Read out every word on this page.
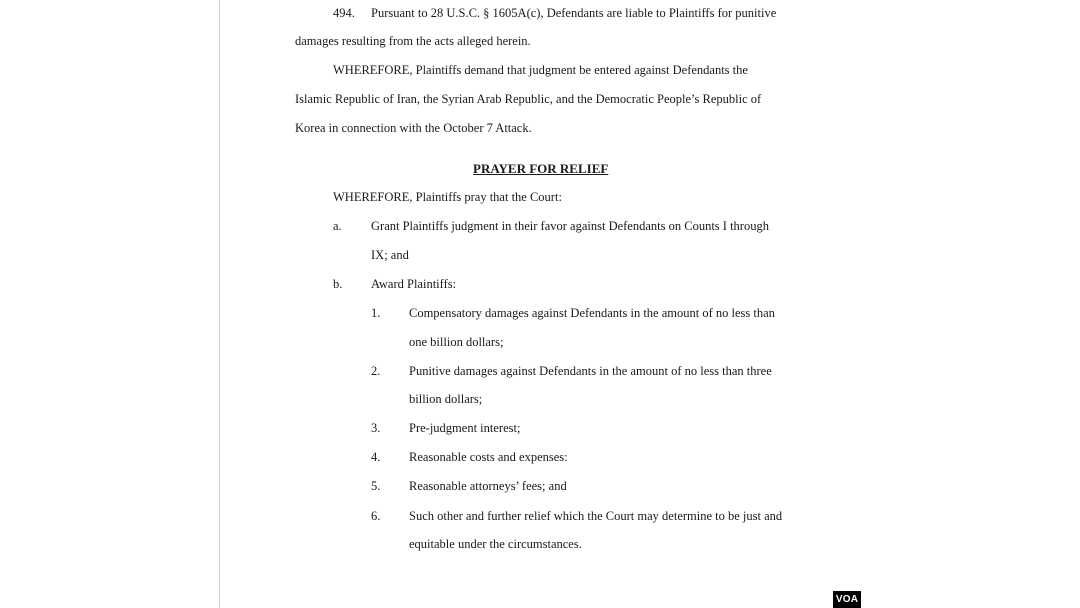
494. Pursuant to 28 U.S.C. § 1605A(c), Defendants are liable to Plaintiffs for punitive
damages resulting from the acts alleged herein.
WHEREFORE, Plaintiffs demand that judgment be entered against Defendants the
Islamic Republic of Iran, the Syrian Arab Republic, and the Democratic People’s Republic of
Korea in connection with the October 7 Attack.
PRAYER FOR RELIEF
WHEREFORE, Plaintiffs pray that the Court:
a. Grant Plaintiffs judgment in their favor against Defendants on Counts I through
IX; and
b. Award Plaintiffs:
1. Compensatory damages against Defendants in the amount of no less than
one billion dollars;
2. Punitive damages against Defendants in the amount of no less than three
billion dollars;
3. Pre-judgment interest;
4. Reasonable costs and expenses:
5. Reasonable attorneys’ fees; and
6. Such other and further relief which the Court may determine to be just and
equitable under the circumstances.
VOA
